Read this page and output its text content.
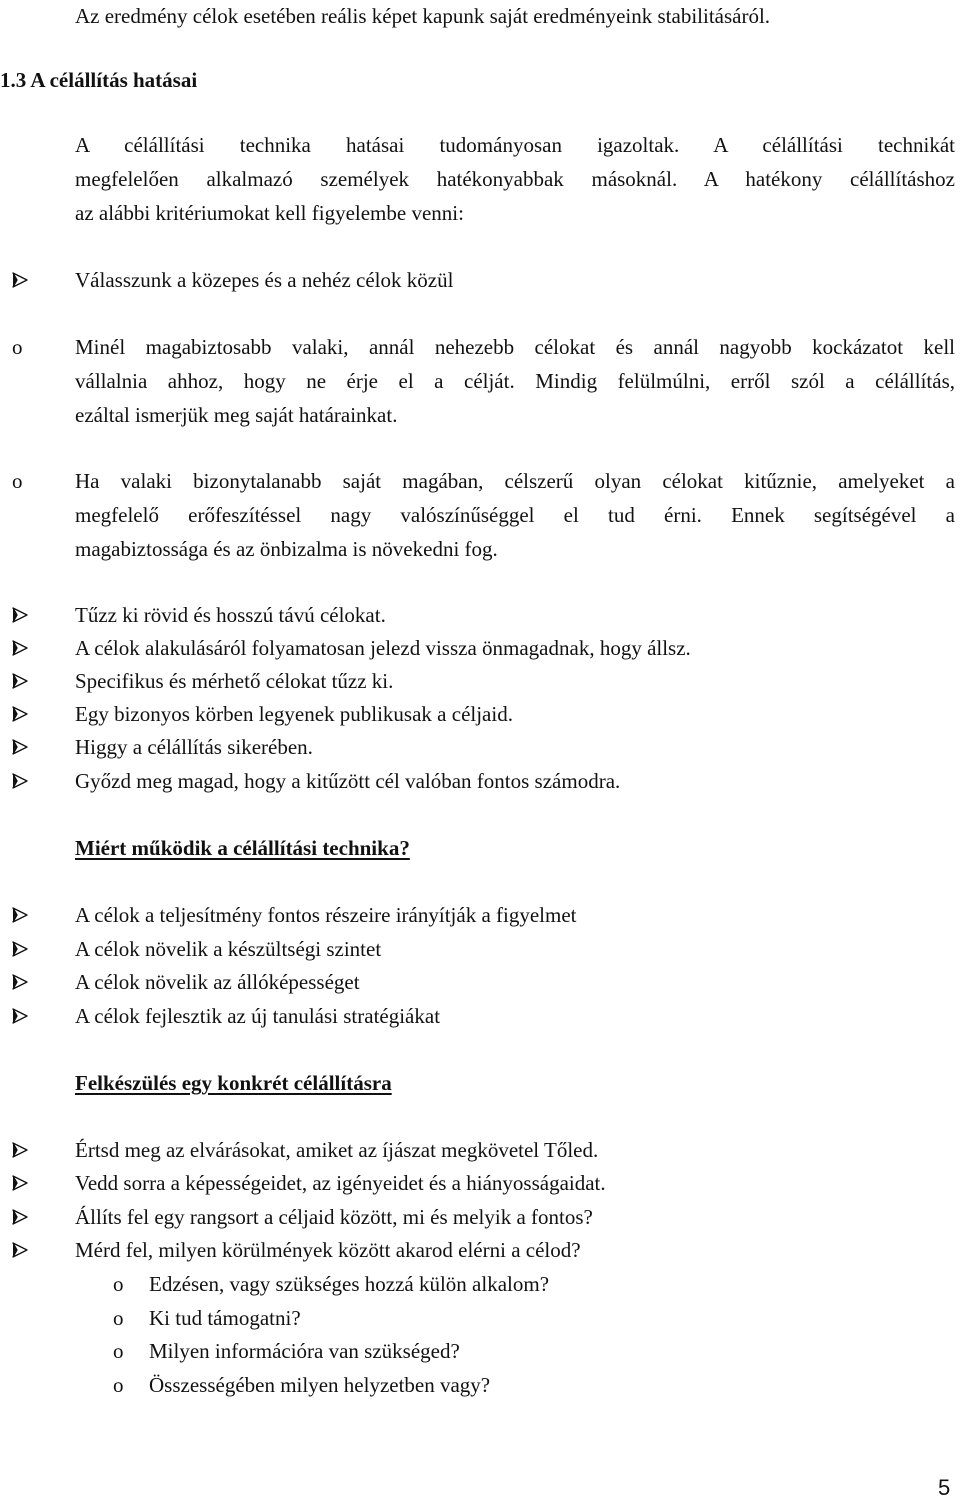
Az eredmény célok esetében reális képet kapunk saját eredményeink stabilitásáról.
1.3 A célállítás hatásai
A célállítási technika hatásai tudományosan igazoltak. A célállítási technikát
megfelelően alkalmazó személyek hatékonyabbak másoknál. A hatékony célállításhoz
az alábbi kritériumokat kell figyelembe venni:
Válasszunk a közepes és a nehéz célok közül
o	Minél magabiztosabb valaki, annál nehezebb célokat és annál nagyobb kockázatot kell
vállalnia ahhoz, hogy ne érje el a célját. Mindig felülmúlni, erről szól a célállítás,
ezáltal ismerjük meg saját határainkat.
o	Ha valaki bizonytalanabb saját magában, célszerű olyan célokat kitűznie, amelyeket a
megfelelő erőfeszítéssel nagy valószínűséggel el tud érni. Ennek segítségével a
magabiztossága és az önbizalma is növekedni fog.
Tűzz ki rövid és hosszú távú célokat.
A célok alakulásáról folyamatosan jelezd vissza önmagadnak, hogy állsz.
Specifikus és mérhető célokat tűzz ki.
Egy bizonyos körben legyenek publikusak a céljaid.
Higgy a célállítás sikerében.
Győzd meg magad, hogy a kitűzött cél valóban fontos számodra.
Miért működik a célállítási technika?
A célok a teljesítmény fontos részeire irányítják a figyelmet
A célok növelik a készültségi szintet
A célok növelik az állóképességet
A célok fejlesztik az új tanulási stratégiákat
Felkészülés egy konkrét célállításra
Értsd meg az elvárásokat, amiket az íjászat megkövetel Tőled.
Vedd sorra a képességeidet, az igényeidet és a hiányosságaidat.
Állíts fel egy rangsort a céljaid között, mi és melyik a fontos?
Mérd fel, milyen körülmények között akarod elérni a célod?
o Edzésen, vagy szükséges hozzá külön alkalom?
o Ki tud támogatni?
o Milyen információra van szükséged?
o Összességében milyen helyzetben vagy?
5
